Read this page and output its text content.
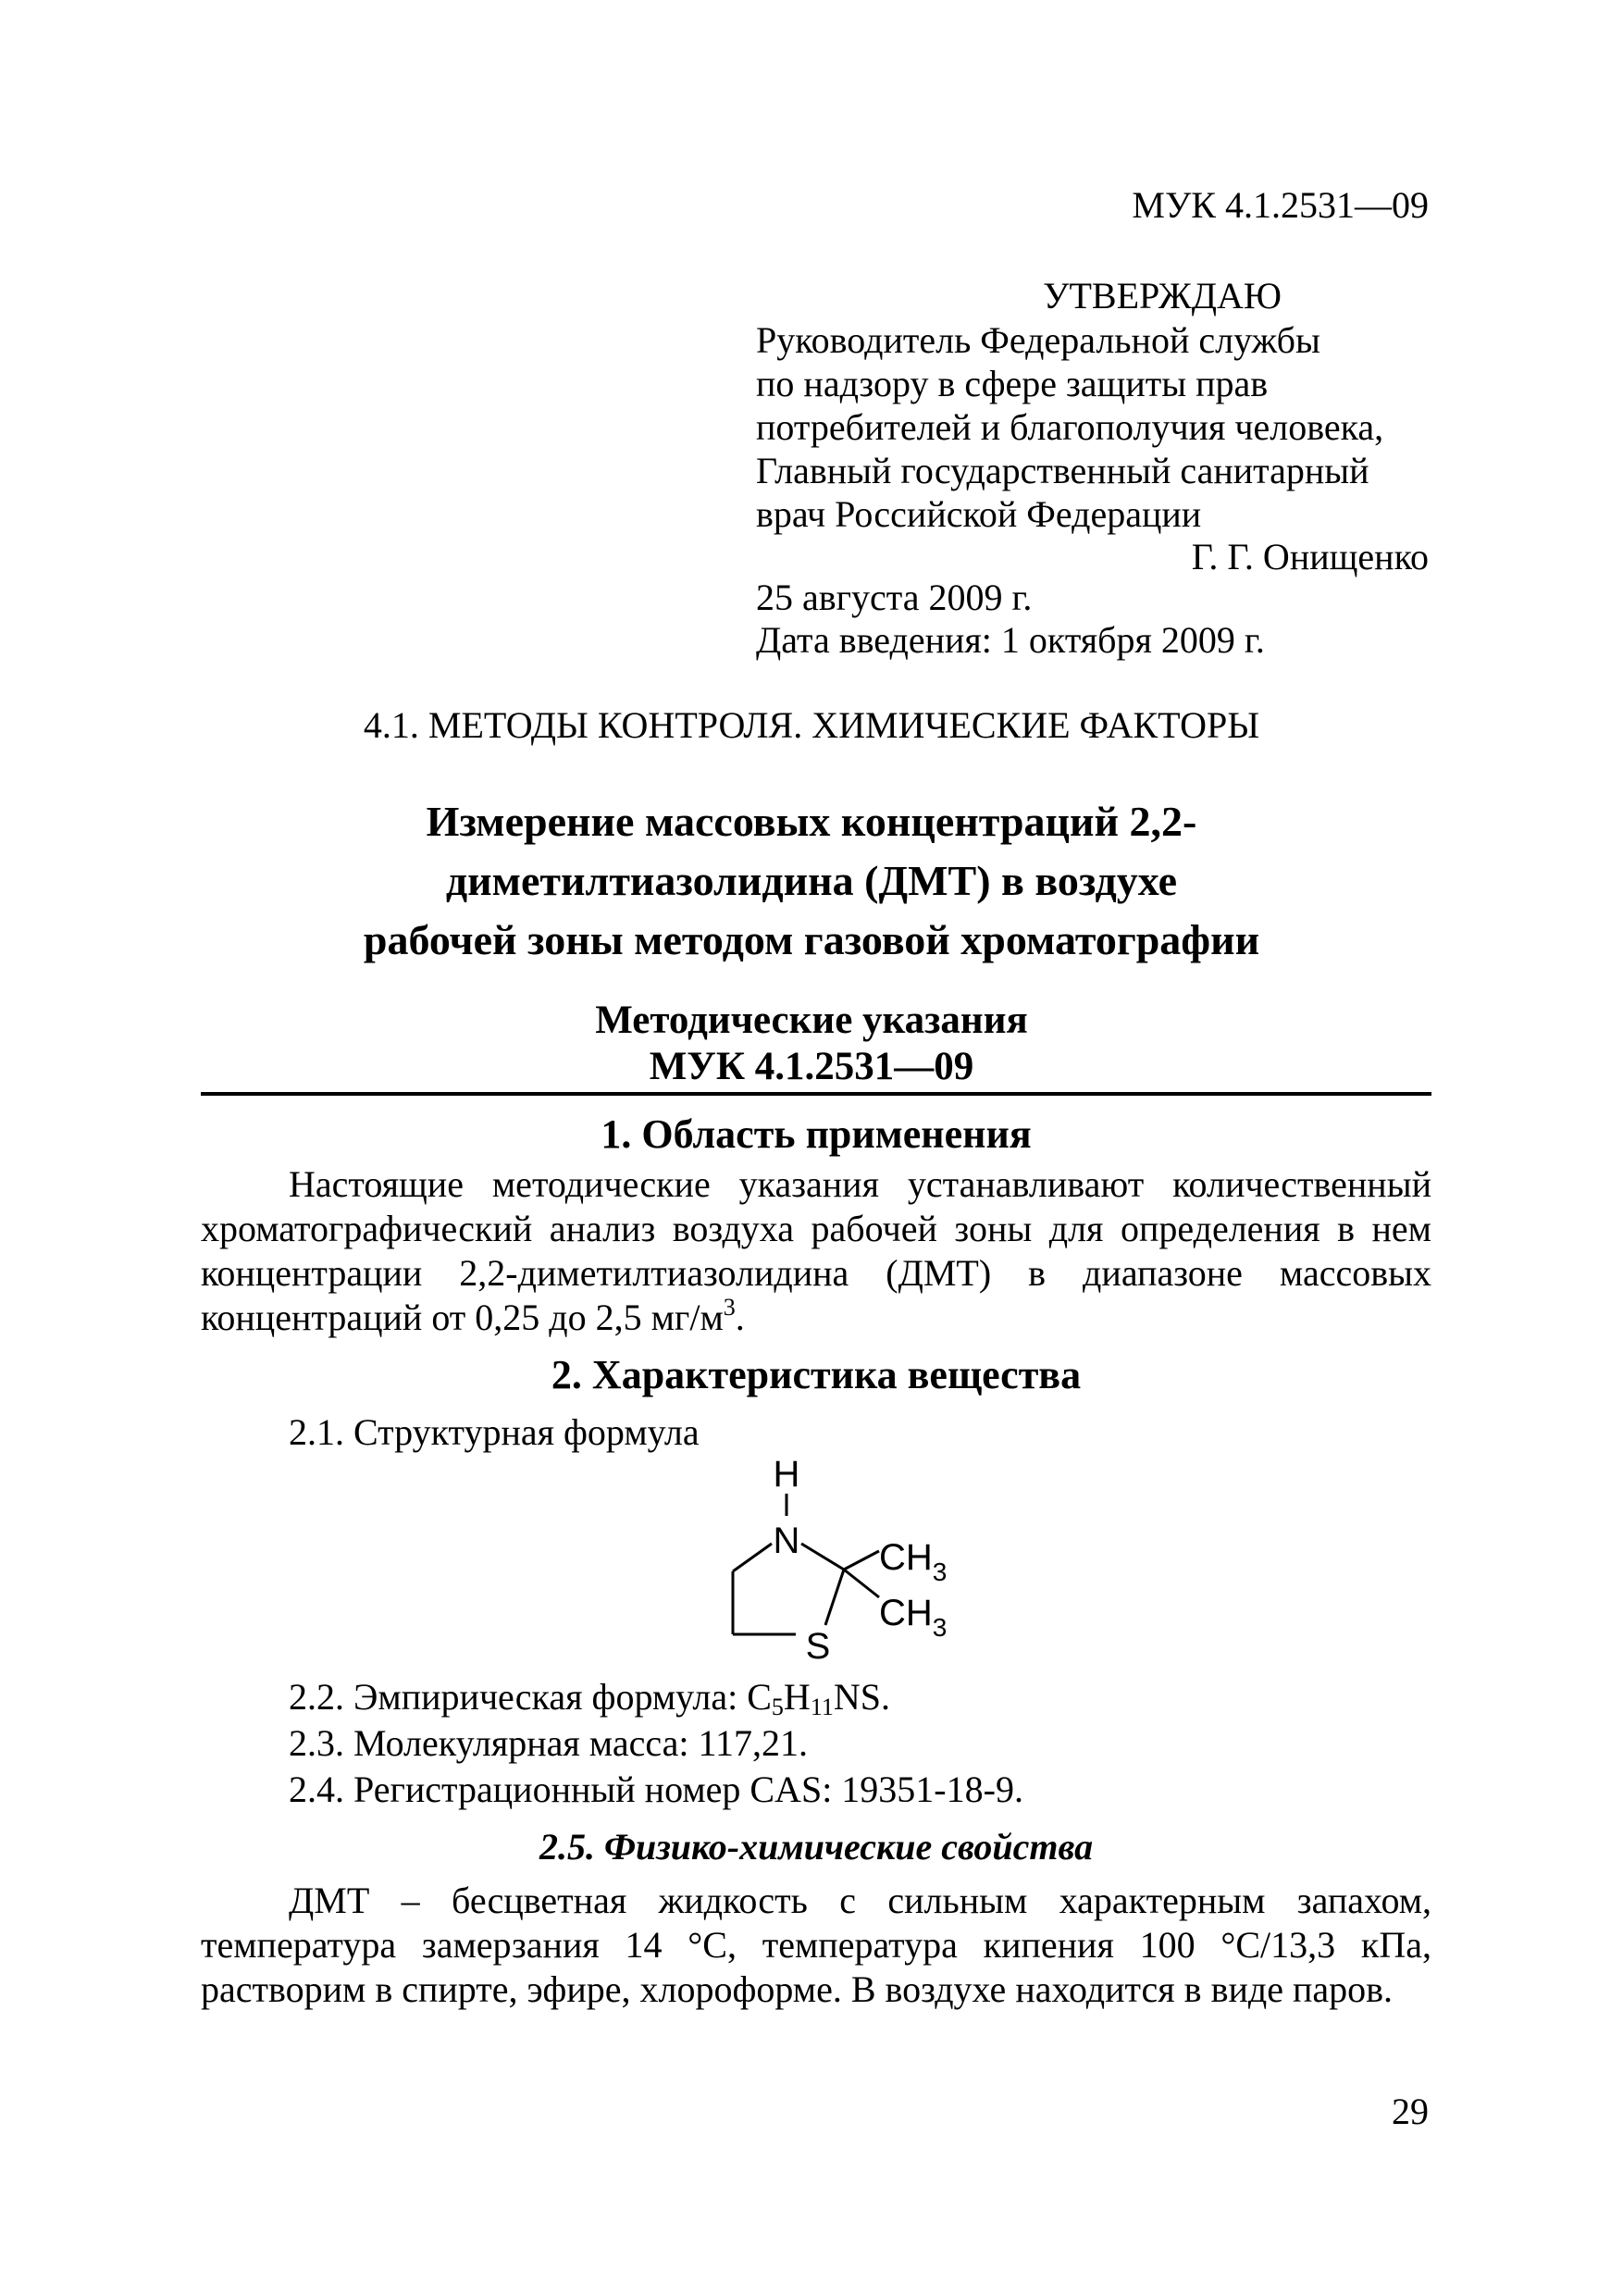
МУК 4.1.2531—09
УТВЕРЖДАЮ
Руководитель Федеральной службы
по надзору в сфере защиты прав
потребителей и благополучия человека,
Главный государственный санитарный
врач Российской Федерации
Г. Г. Онищенко
25 августа 2009 г.
Дата введения: 1 октября 2009 г.
4.1. МЕТОДЫ КОНТРОЛЯ. ХИМИЧЕСКИЕ ФАКТОРЫ
Измерение массовых концентраций 2,2-
диметилтиазолидина (ДМТ) в воздухе
рабочей зоны методом газовой хроматографии
Методические указания
МУК 4.1.2531—09
1. Область применения
Настоящие методические указания устанавливают количественный хроматографический анализ воздуха рабочей зоны для определения в нем концентрации 2,2-диметилтиазолидина (ДМТ) в диапазоне массовых концентраций от 0,25 до 2,5 $мг/м^3$.
2. Характеристика вещества
2.1. Структурная формула
H
N
S
$CH_3$
$CH_3$
2.2. Эмпирическая формула: $C_5H_{11}NS$.
2.3. Молекулярная масса: 117,21.
2.4. Регистрационный номер CAS: 19351-18-9.
2.5. Физико-химические свойства
ДМТ – бесцветная жидкость с сильным характерным запахом, температура замерзания 14 °С, температура кипения 100 °С/13,3 кПа, растворим в спирте, эфире, хлороформе. В воздухе находится в виде паров.
29
